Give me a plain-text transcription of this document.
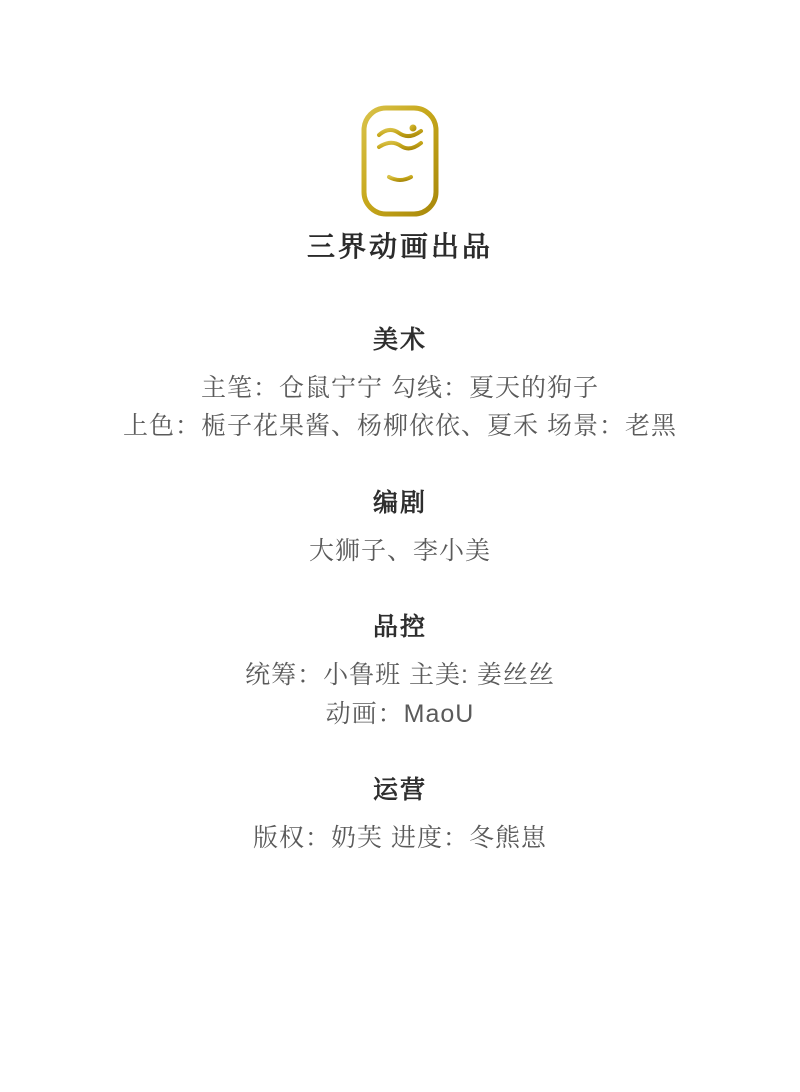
三界动画出品
美术
主笔：仓鼠宁宁 勾线：夏天的狗子
上色：栀子花果酱、杨柳依依、夏禾 场景：老黑
编剧
大狮子、李小美
品控
统筹：小鲁班 主美: 姜丝丝
动画：MaoU
运营
版权：奶芙 进度：冬熊崽
